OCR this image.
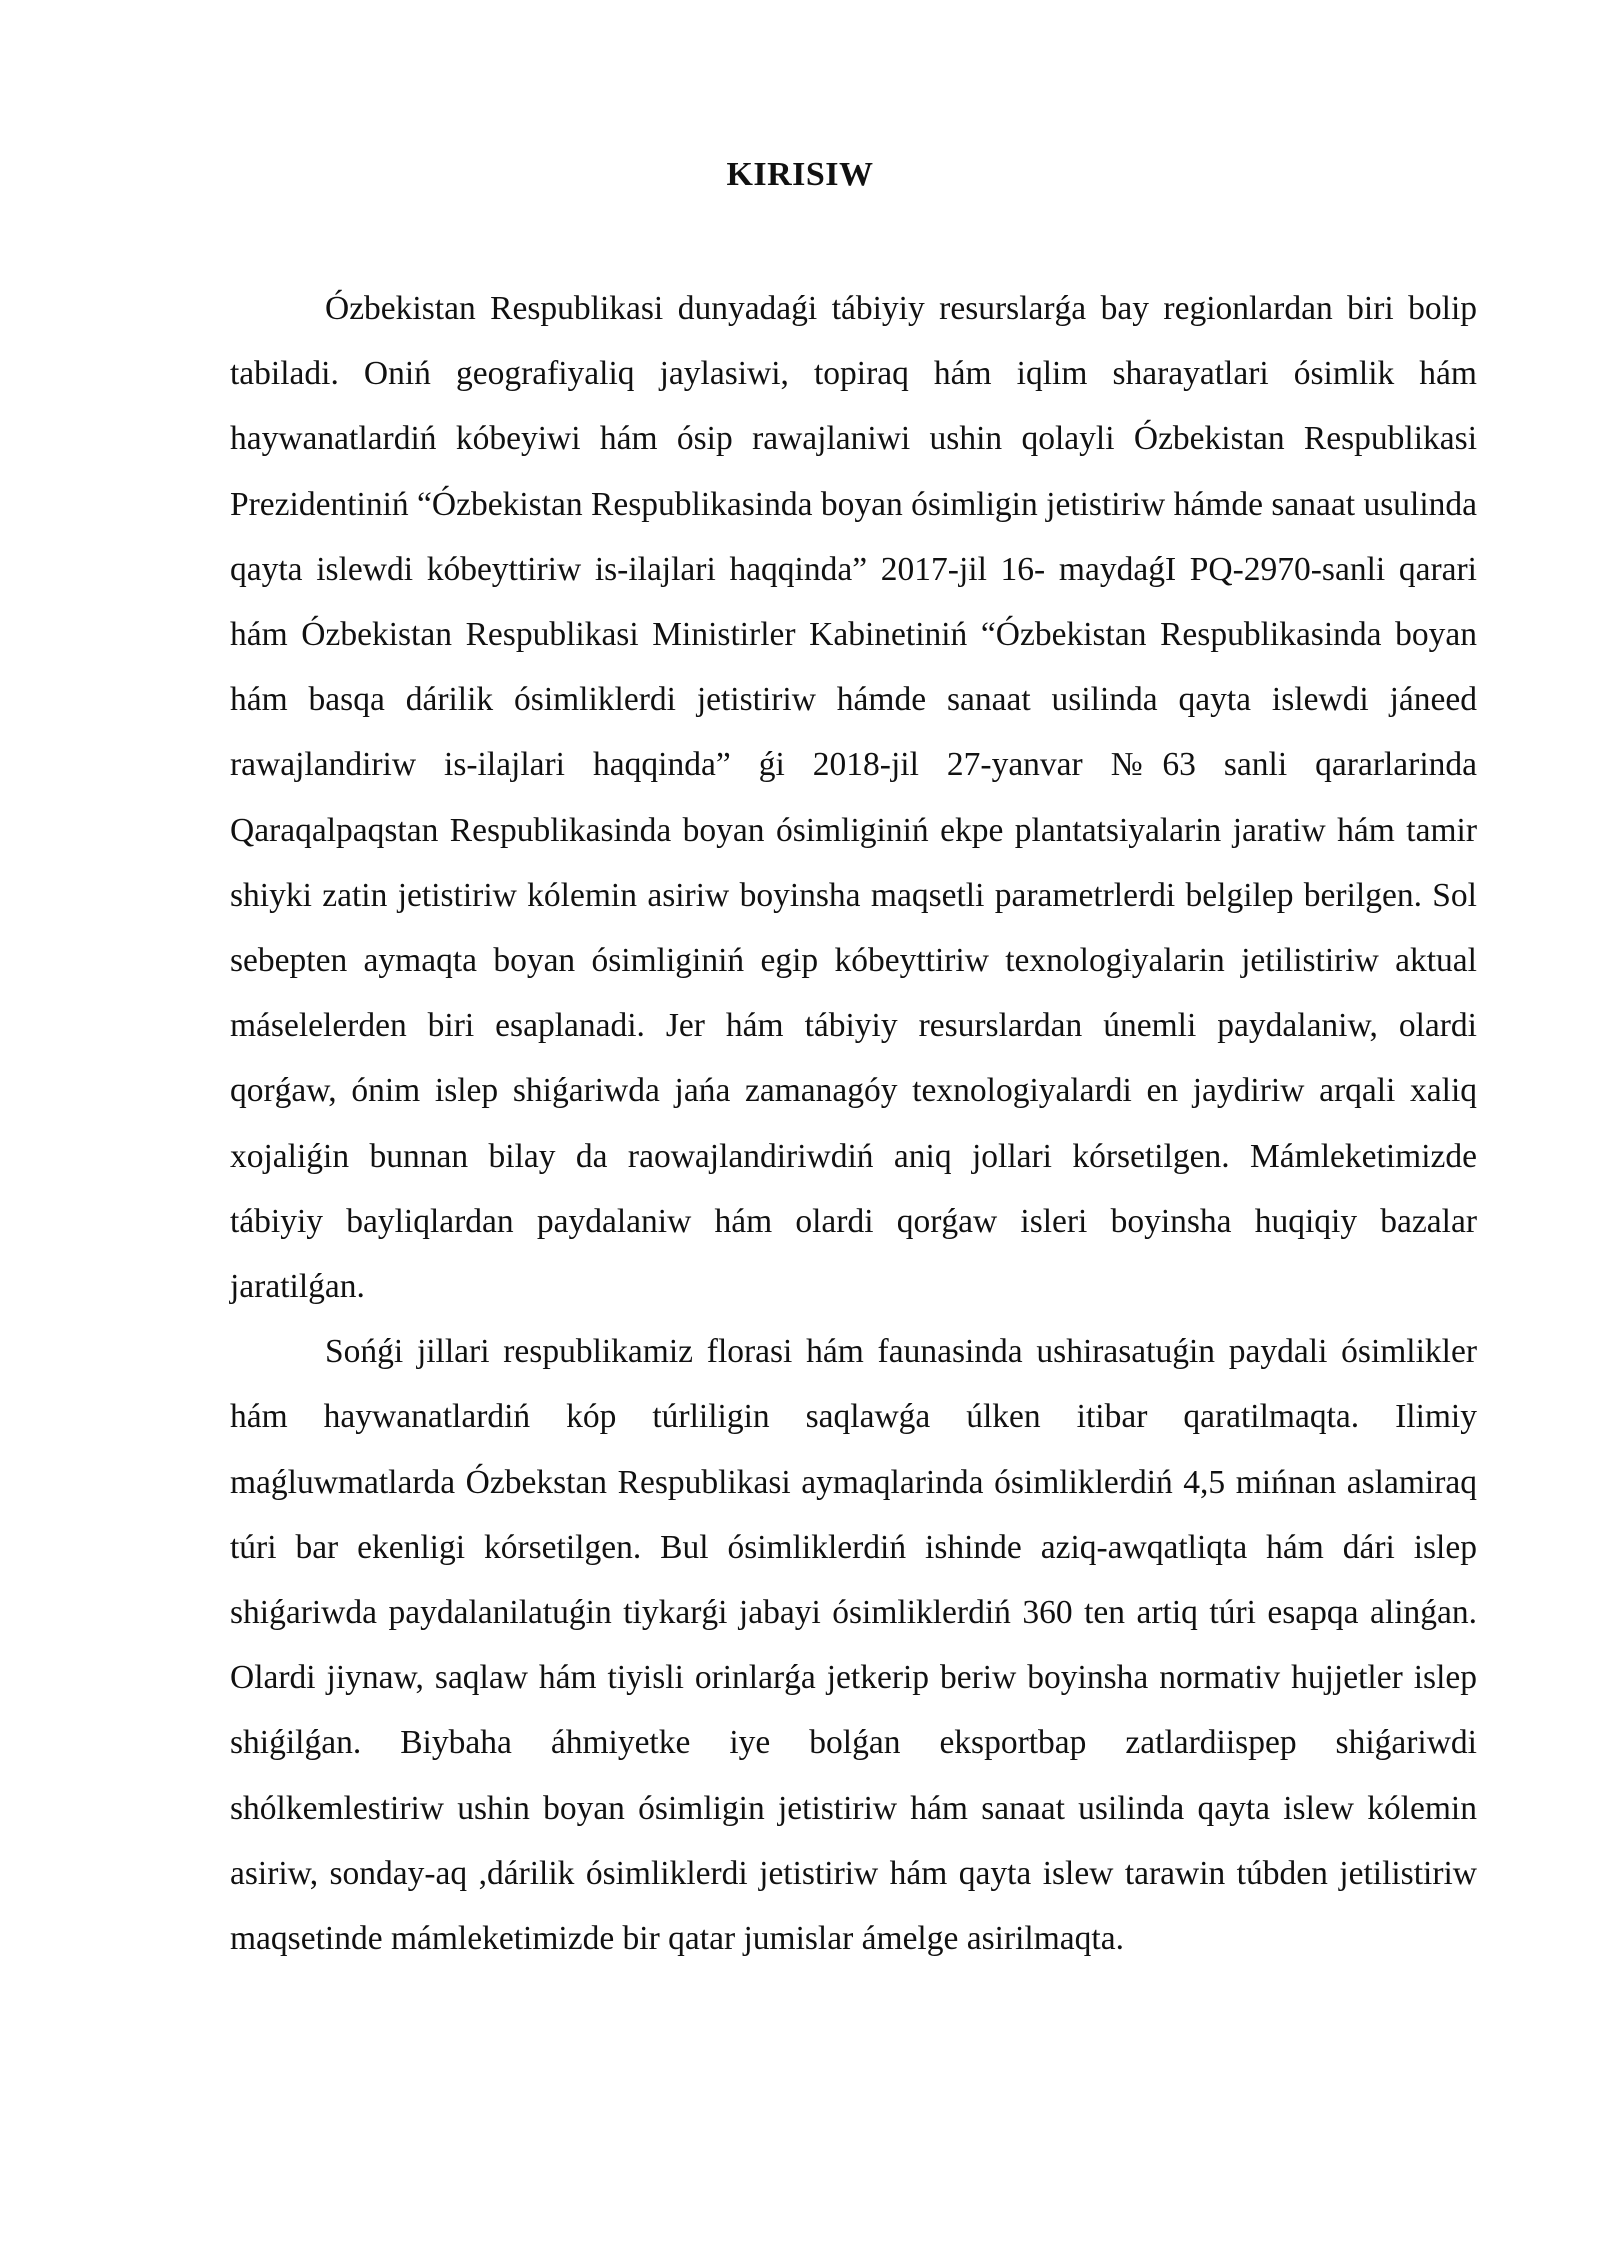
KIRISIW

Ózbekistan Respublikasi dunyadaǵi tábiyiy resurslarǵa bay regionlardan biri bolip tabiladi. Oniń geografiyaliq jaylasiwi, topiraq hám iqlim sharayatlari ósimlik hám haywanatlardiń kóbeyiwi hám ósip rawajlaniwi ushin qolayli Ózbekistan Respublikasi Prezidentiniń “Ózbekistan Respublikasinda boyan ósimligin jetistiriw hámde sanaat usulinda qayta islewdi kóbeyttiriw is-ilajlari haqqinda” 2017-jil 16- maydaǵI PQ-2970-sanli qarari hám Ózbekistan Respublikasi Ministirler Kabinetiniń “Ózbekistan Respublikasinda boyan hám basqa dárilik ósimliklerdi jetistiriw hámde sanaat usilinda qayta islewdi jáneed rawajlandiriw is-ilajlari haqqinda” ǵi 2018-jil 27-yanvar №63 sanli qararlarinda Qaraqalpaqstan Respublikasinda boyan ósimliginiń ekpe plantatsiyalarin jaratiw hám tamir shiyki zatin jetistiriw kólemin asiriw boyinsha maqsetli parametrlerdi belgilep berilgen. Sol sebepten aymaqta boyan ósimliginiń egip kóbeyttiriw texnologiyalarin jetilistiriw aktual máselelerden biri esaplanadi. Jer hám tábiyiy resurslardan únemli paydalaniw, olardi qorǵaw, ónim islep shiǵariwda jańa zamanagóy texnologiyalardi en jaydiriw arqali xaliq xojaliǵin bunnan bilay da raowajlandiriwdiń aniq jollari kórsetilgen. Mámleketimizde tábiyiy bayliqlardan paydalaniw hám olardi qorǵaw isleri boyinsha huqiqiy bazalar jaratilǵan.

Sońǵi jillari respublikamiz florasi hám faunasinda ushirasatuǵin paydali ósimlikler hám haywanatlardiń kóp túrliligin saqlawǵa úlken itibar qaratilmaqta. Ilimiy maǵluwmatlarda Ózbekstan Respublikasi aymaqlarinda ósimliklerdiń 4,5 mińnan aslamiraq túri bar ekenligi kórsetilgen. Bul ósimliklerdiń ishinde aziq-awqatliqta hám dári islep shiǵariwda paydalanilatuǵin tiykarǵi jabayi ósimliklerdiń 360 ten artiq túri esapqa alinǵan. Olardi jiynaw, saqlaw hám tiyisli orinlarǵa jetkerip beriw boyinsha normativ hujjetler islep shiǵilǵan. Biybaha áhmiyetke iye bolǵan eksportbap zatlardiispep shiǵariwdi shólkemlestiriw ushin boyan ósimligin jetistiriw hám sanaat usilinda qayta islew kólemin asiriw, sonday-aq ,dárilik ósimliklerdi jetistiriw hám qayta islew tarawin túbden jetilistiriw maqsetinde mámleketimizde bir qatar jumislar ámelge asirilmaqta.
